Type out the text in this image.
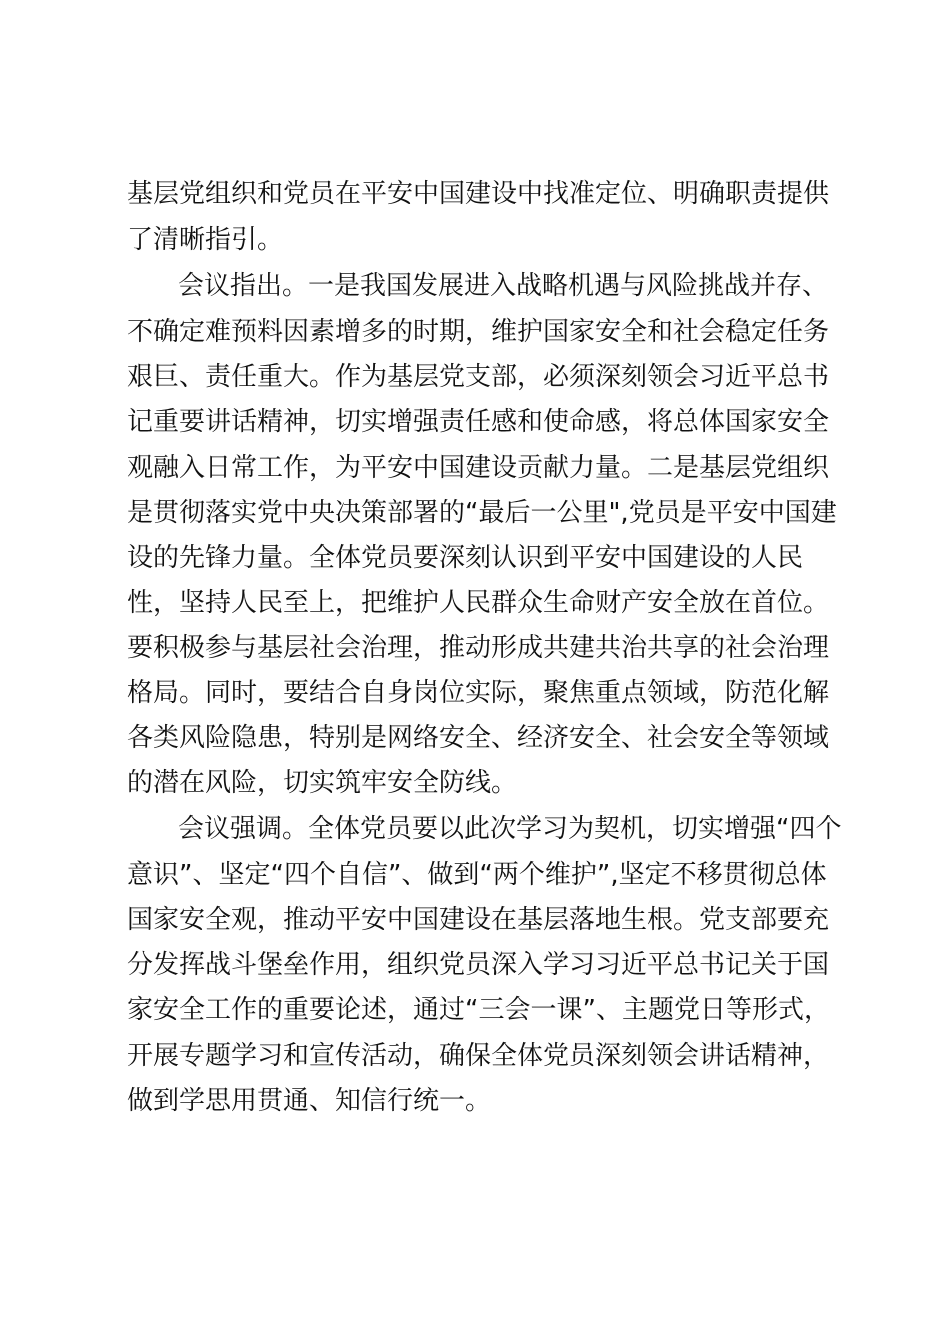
基层党组织和党员在平安中国建设中找准定位、明确职责提供
了清晰指引。
会议指出。一是我国发展进入战略机遇与风险挑战并存、
不确定难预料因素增多的时期，维护国家安全和社会稳定任务
艰巨、责任重大。作为基层党支部，必须深刻领会习近平总书
记重要讲话精神，切实增强责任感和使命感，将总体国家安全
观融入日常工作，为平安中国建设贡献力量。二是基层党组织
是贯彻落实党中央决策部署的“最后一公里",党员是平安中国建
设的先锋力量。全体党员要深刻认识到平安中国建设的人民
性，坚持人民至上，把维护人民群众生命财产安全放在首位。
要积极参与基层社会治理，推动形成共建共治共享的社会治理
格局。同时，要结合自身岗位实际，聚焦重点领域，防范化解
各类风险隐患，特别是网络安全、经济安全、社会安全等领域
的潜在风险，切实筑牢安全防线。
会议强调。全体党员要以此次学习为契机，切实增强“四个
意识”、坚定“四个自信”、做到“两个维护”,坚定不移贯彻总体
国家安全观，推动平安中国建设在基层落地生根。党支部要充
分发挥战斗堡垒作用，组织党员深入学习习近平总书记关于国
家安全工作的重要论述，通过“三会一课”、主题党日等形式，
开展专题学习和宣传活动，确保全体党员深刻领会讲话精神，
做到学思用贯通、知信行统一。
